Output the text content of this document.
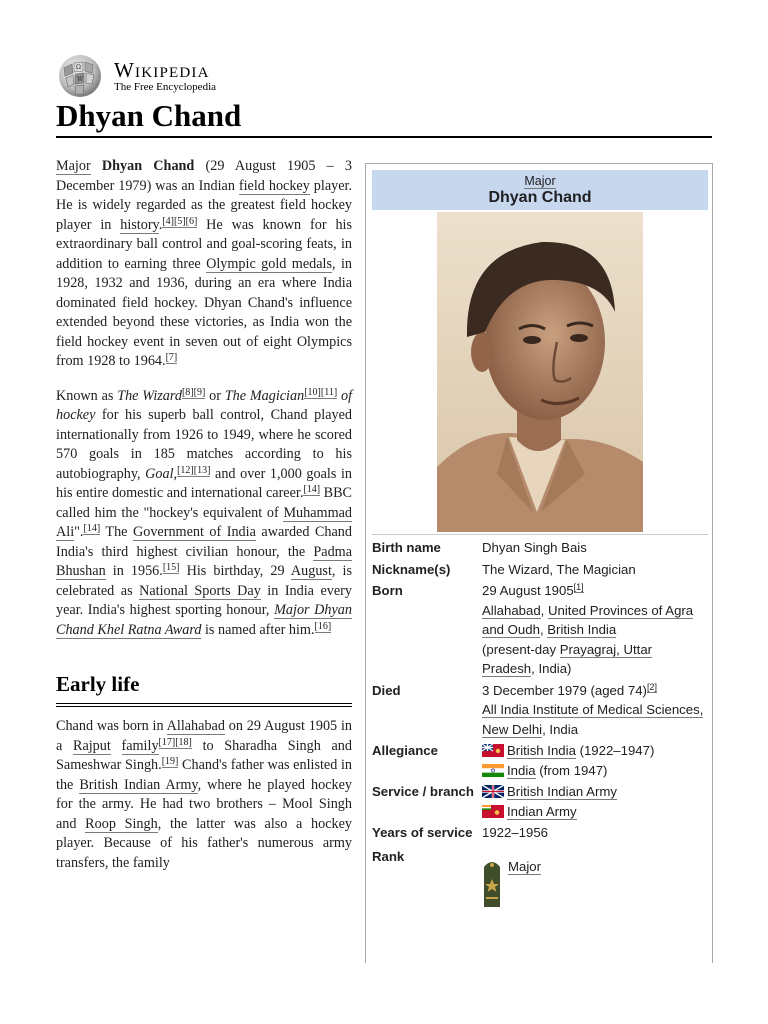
Ω
W Wikipedia
The Free Encyclopedia
Dhyan Chand

Major Dhyan Chand (29 August 1905 – 3 December 1979) was an Indian field hockey player. He is widely regarded as the greatest field hockey player in history.[4][5][6] He was known for his extraordinary ball control and goal-scoring feats, in addition to earning three Olympic gold medals, in 1928, 1932 and 1936, during an era where India dominated field hockey. Dhyan Chand's influence extended beyond these victories, as India won the field hockey event in seven out of eight Olympics from 1928 to 1964.[7]

Known as The Wizard[8][9] or The Magician[10][11] of hockey for his superb ball control, Chand played internationally from 1926 to 1949, where he scored 570 goals in 185 matches according to his autobiography, Goal,[12][13] and over 1,000 goals in his entire domestic and international career.[14] BBC called him the "hockey's equivalent of Muhammad Ali".[14] The Government of India awarded Chand India's third highest civilian honour, the Padma Bhushan in 1956.[15] His birthday, 29 August, is celebrated as National Sports Day in India every year. India's highest sporting honour, Major Dhyan Chand Khel Ratna Award is named after him.[16]

Early life

Chand was born in Allahabad on 29 August 1905 in a Rajput family[17][18] to Sharadha Singh and Sameshwar Singh.[19] Chand's father was enlisted in the British Indian Army, where he played hockey for the army. He had two brothers – Mool Singh and Roop Singh, the latter was also a hockey player. Because of his father's numerous army transfers, the family

Major
Dhyan Chand
Birth name	Dhyan Singh Bais
Nickname(s)	The Wizard, The Magician
Born	29 August 1905[1]
Allahabad, United Provinces of Agra and Oudh, British India
(present-day Prayagraj, Uttar Pradesh, India)
Died	3 December 1979 (aged 74)[2]
All India Institute of Medical Sciences, New Delhi, India
Allegiance	British India (1922–1947)
India (from 1947)
Service / branch	British Indian Army
Indian Army
Years of service 1922–1956
Rank
Major
